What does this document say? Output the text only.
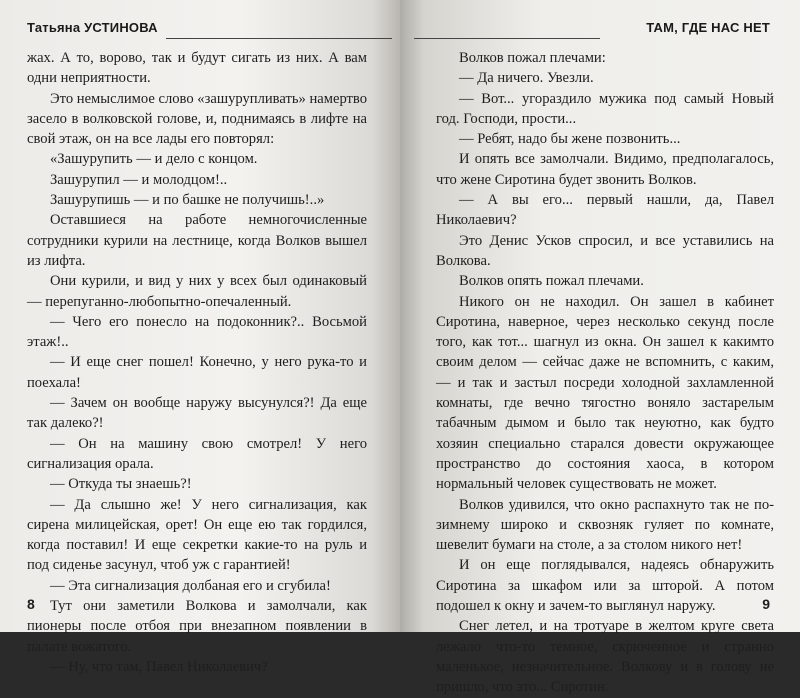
Татьяна УСТИНОВА

жах. А то, ворово, так и будут сигать из них. А вам одни неприятности.

Это немыслимое слово «зашурупливать» намертво засело в волковской голове, и, поднимаясь в лифте на свой этаж, он на все лады его повторял:

«Зашурупить — и дело с концом.

Зашурупил — и молодцом!..

Зашурупишь — и по башке не получишь!..»

Оставшиеся на работе немногочисленные сотрудники курили на лестнице, когда Волков вышел из лифта.

Они курили, и вид у них у всех был одинаковый — перепуганно-любопытно-опечаленный.

— Чего его понесло на подоконник?.. Восьмой этаж!..

— И еще снег пошел! Конечно, у него рука-то и поехала!

— Зачем он вообще наружу высунулся?! Да еще так далеко?!

— Он на машину свою смотрел! У него сигнализация орала.

— Откуда ты знаешь?!

— Да слышно же! У него сигнализация, как сирена милицейская, орет! Он еще ею так гордился, когда поставил! И еще секретки какие-то на руль и под сиденье засунул, чтоб уж с гарантией!

— Эта сигнализация долбаная его и сгубила!

Тут они заметили Волкова и замолчали, как пионеры после отбоя при внезапном появлении в палате вожатого.

— Ну, что там, Павел Николаевич?

8
ТАМ, ГДЕ НАС НЕТ

Волков пожал плечами:

— Да ничего. Увезли.

— Вот... угораздило мужика под самый Новый год. Господи, прости...

— Ребят, надо бы жене позвонить...

И опять все замолчали. Видимо, предполагалось, что жене Сиротина будет звонить Волков.

— А вы его... первый нашли, да, Павел Николаевич?

Это Денис Усков спросил, и все уставились на Волкова.

Волков опять пожал плечами.

Никого он не находил. Он зашел в кабинет Сиротина, наверное, через несколько секунд после того, как тот... шагнул из окна. Он зашел к какимто своим делом — сейчас даже не вспомнить, с каким, — и так и застыл посреди холодной захламленной комнаты, где вечно тягостно воняло застарелым табачным дымом и было так неуютно, как будто хозяин специально старался довести окружающее пространство до состояния хаоса, в котором нормальный человек существовать не может.

Волков удивился, что окно распахнуто так не по-зимнему широко и сквозняк гуляет по комнате, шевелит бумаги на столе, а за столом никого нет!

И он еще поглядывался, надеясь обнаружить Сиротина за шкафом или за шторой. А потом подошел к окну и зачем-то выглянул наружу.

Снег летел, и на тротуаре в желтом круге света лежало что-то темное, скрюченное и странно маленькое, незначительное. Волкову и в голову не пришло, что это... Сиротин.

9
